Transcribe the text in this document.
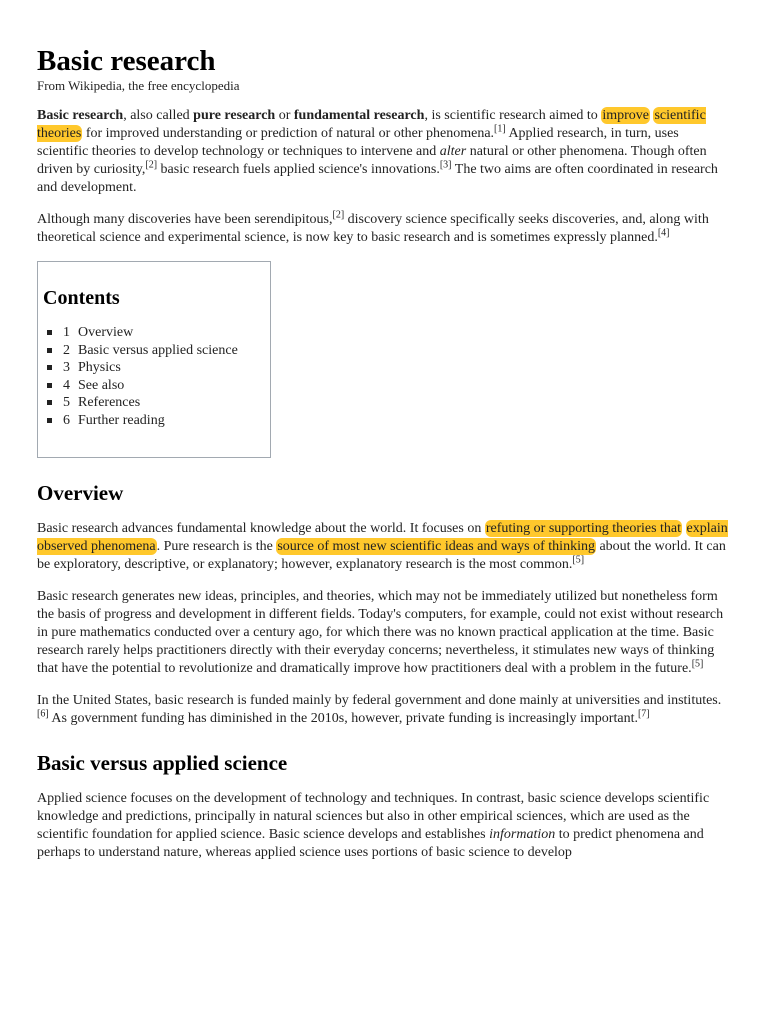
Basic research
From Wikipedia, the free encyclopedia

Basic research, also called pure research or fundamental research, is scientific research aimed to improve scientific theories for improved understanding or prediction of natural or other phenomena.[1] Applied research, in turn, uses scientific theories to develop technology or techniques to intervene and alter natural or other phenomena. Though often driven by curiosity,[2] basic research fuels applied science's innovations.[3] The two aims are often coordinated in research and development.

Although many discoveries have been serendipitous,[2] discovery science specifically seeks discoveries, and, along with theoretical science and experimental science, is now key to basic research and is sometimes expressly planned.[4]

Contents
1 Overview
2 Basic versus applied science
3 Physics
4 See also
5 References
6 Further reading
Overview

Basic research advances fundamental knowledge about the world. It focuses on refuting or supporting theories that explain observed phenomena. Pure research is the source of most new scientific ideas and ways of thinking about the world. It can be exploratory, descriptive, or explanatory; however, explanatory research is the most common.[5]

Basic research generates new ideas, principles, and theories, which may not be immediately utilized but nonetheless form the basis of progress and development in different fields. Today's computers, for example, could not exist without research in pure mathematics conducted over a century ago, for which there was no known practical application at the time. Basic research rarely helps practitioners directly with their everyday concerns; nevertheless, it stimulates new ways of thinking that have the potential to revolutionize and dramatically improve how practitioners deal with a problem in the future.[5]

In the United States, basic research is funded mainly by federal government and done mainly at universities and institutes.[6] As government funding has diminished in the 2010s, however, private funding is increasingly important.[7]

Basic versus applied science

Applied science focuses on the development of technology and techniques. In contrast, basic science develops scientific knowledge and predictions, principally in natural sciences but also in other empirical sciences, which are used as the scientific foundation for applied science. Basic science develops and establishes information to predict phenomena and perhaps to understand nature, whereas applied science uses portions of basic science to develop
